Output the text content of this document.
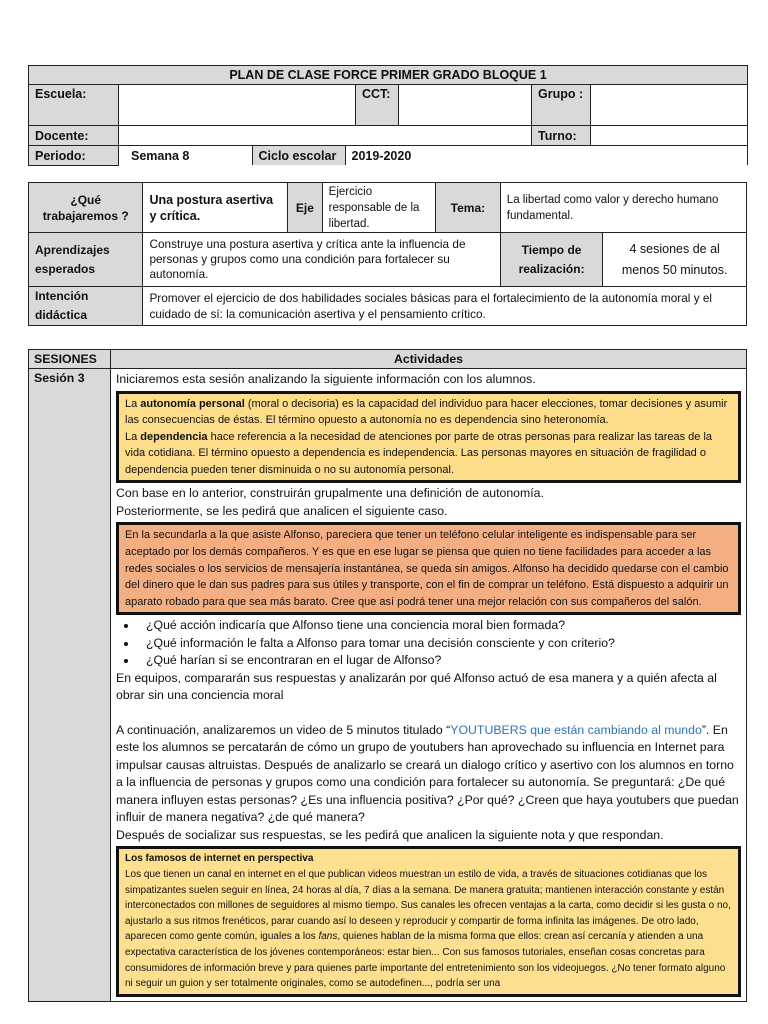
PLAN DE CLASE FORCE PRIMER GRADO BLOQUE 1
Escuela:		CCT:		Grupo :	
Docente:		Turno:	
Periodo:		Semana 8	Ciclo escolar	2019-2020
¿Qué trabajaremos ?	Una postura asertiva y crítica.	Eje	Ejercicio responsable de la libertad.	Tema:	La libertad como valor y derecho humano fundamental.	
Aprendizajes esperados	Construye una postura asertiva y crítica ante la influencia de personas y grupos como una condición para fortalecer su autonomía.				Tiempo de realización:	4 sesiones de al menos 50 minutos.
Intención didáctica	Promover el ejercicio de dos habilidades sociales básicas para el fortalecimiento de la autonomía moral y el cuidado de sí: la comunicación asertiva y el pensamiento crítico.					
SESIONES	Actividades
Sesión 3	Iniciaremos esta sesión analizando la siguiente información con los alumnos.
La autonomía personal (moral o decisoria) es la capacidad del individuo para hacer elecciones, tomar decisiones y asumir las consecuencias de éstas. El término opuesto a autonomía no es dependencia sino heteronomía.
La dependencia hace referencia a la necesidad de atenciones por parte de otras personas para realizar las tareas de la vida cotidiana. El término opuesto a dependencia es independencia. Las personas mayores en situación de fragilidad o dependencia pueden tener disminuida o no su autonomía personal.
Con base en lo anterior, construirán grupalmente una definición de autonomía.
Posteriormente, se les pedirá que analicen el siguiente caso.
En la secundarla a la que asiste Alfonso, pareciera que tener un teléfono celular inteligente es indispensable para ser aceptado por los demás compañeros. Y es que en ese lugar se piensa que quien no tiene facilidades para acceder a las redes sociales o los servicios de mensajería instantánea, se queda sin amigos. Alfonso ha decidido quedarse con el cambio del dinero que le dan sus padres para sus útiles y transporte, con el fin de comprar un teléfono. Está dispuesto a adquirir un aparato robado para que sea más barato. Cree que así podrá tener una mejor relación con sus compañeros del salón.
• ¿Qué acción indicaría que Alfonso tiene una conciencia moral bien formada?
• ¿Qué información le falta a Alfonso para tomar una decisión consciente y con criterio?
• ¿Qué harían si se encontraran en el lugar de Alfonso?
En equipos, compararán sus respuestas y analizarán por qué Alfonso actuó de esa manera y a quién afecta al obrar sin una conciencia moral
A continuación, analizaremos un video de 5 minutos titulado “YOUTUBERS que están cambiando al mundo”. En este los alumnos se percatarán de cómo un grupo de youtubers han aprovechado su influencia en Internet para impulsar causas altruistas. Después de analizarlo se creará un dialogo crítico y asertivo con los alumnos en torno a la influencia de personas y grupos como una condición para fortalecer su autonomía. Se preguntará: ¿De qué manera influyen estas personas? ¿Es una influencia positiva? ¿Por qué? ¿Creen que haya youtubers que puedan influir de manera negativa? ¿de qué manera?
Después de socializar sus respuestas, se les pedirá que analicen la siguiente nota y que respondan.
Los famosos de internet en perspectiva
Los que tienen un canal en internet en el que publican videos muestran un estilo de vida, a través de situaciones cotidianas que los simpatizantes suelen seguir en línea, 24 horas al día, 7 días a la semana. De manera gratuita; mantienen interacción constante y están interconectados con millones de seguidores al mismo tiempo. Sus canales les ofrecen ventajas a la carta, como decidir si les gusta o no, ajustarlo a sus ritmos frenéticos, parar cuando así lo deseen y reproducir y compartir de forma infinita las imágenes. De otro lado, aparecen como gente común, iguales a los fans, quienes hablan de la misma forma que ellos: crean así cercanía y atienden a una expectativa característica de los jóvenes contemporáneos: estar bien... Con sus famosos tutoriales, enseñan cosas concretas para consumidores de información breve y para quienes parte importante del entretenimiento son los videojuegos. ¿No tener formato alguno ni seguir un guion y ser totalmente originales, como se autodefinen..., podría ser una
